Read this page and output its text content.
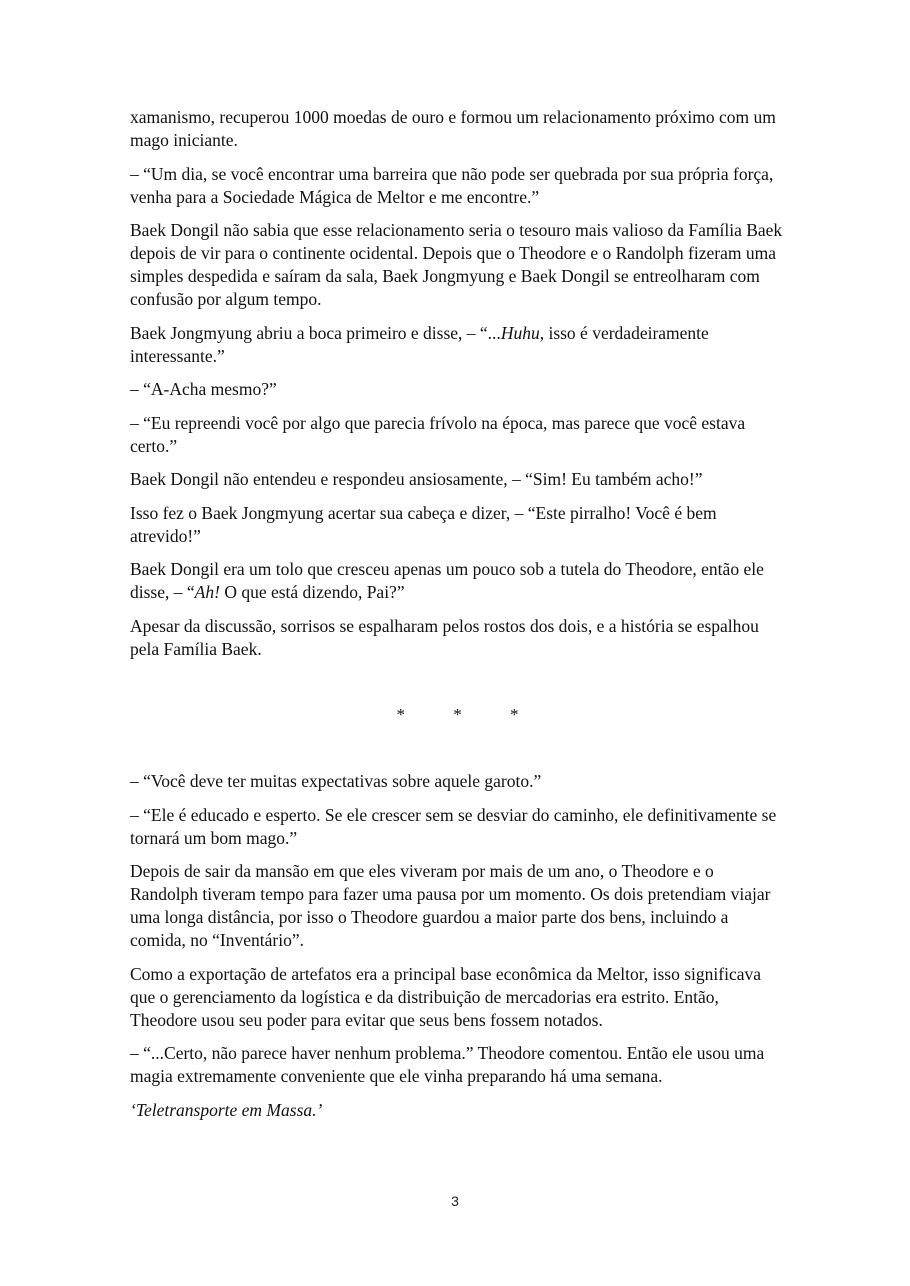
xamanismo, recuperou 1000 moedas de ouro e formou um relacionamento próximo com um mago iniciante.

– “Um dia, se você encontrar uma barreira que não pode ser quebrada por sua própria força, venha para a Sociedade Mágica de Meltor e me encontre.”

Baek Dongil não sabia que esse relacionamento seria o tesouro mais valioso da Família Baek depois de vir para o continente ocidental. Depois que o Theodore e o Randolph fizeram uma simples despedida e saíram da sala, Baek Jongmyung e Baek Dongil se entreolharam com confusão por algum tempo.

Baek Jongmyung abriu a boca primeiro e disse, – “...Huhu, isso é verdadeiramente interessante.”

– “A-Acha mesmo?”

– “Eu repreendi você por algo que parecia frívolo na época, mas parece que você estava certo.”

Baek Dongil não entendeu e respondeu ansiosamente, – “Sim! Eu também acho!”

Isso fez o Baek Jongmyung acertar sua cabeça e dizer, – “Este pirralho! Você é bem atrevido!”

Baek Dongil era um tolo que cresceu apenas um pouco sob a tutela do Theodore, então ele disse, – “Ah! O que está dizendo, Pai?”

Apesar da discussão, sorrisos se espalharam pelos rostos dos dois, e a história se espalhou pela Família Baek.

* * *

– “Você deve ter muitas expectativas sobre aquele garoto.”

– “Ele é educado e esperto. Se ele crescer sem se desviar do caminho, ele definitivamente se tornará um bom mago.”

Depois de sair da mansão em que eles viveram por mais de um ano, o Theodore e o Randolph tiveram tempo para fazer uma pausa por um momento. Os dois pretendiam viajar uma longa distância, por isso o Theodore guardou a maior parte dos bens, incluindo a comida, no “Inventário”.

Como a exportação de artefatos era a principal base econômica da Meltor, isso significava que o gerenciamento da logística e da distribuição de mercadorias era estrito. Então, Theodore usou seu poder para evitar que seus bens fossem notados.

– “...Certo, não parece haver nenhum problema.” Theodore comentou. Então ele usou uma magia extremamente conveniente que ele vinha preparando há uma semana.

‘Teletransporte em Massa.’

3
